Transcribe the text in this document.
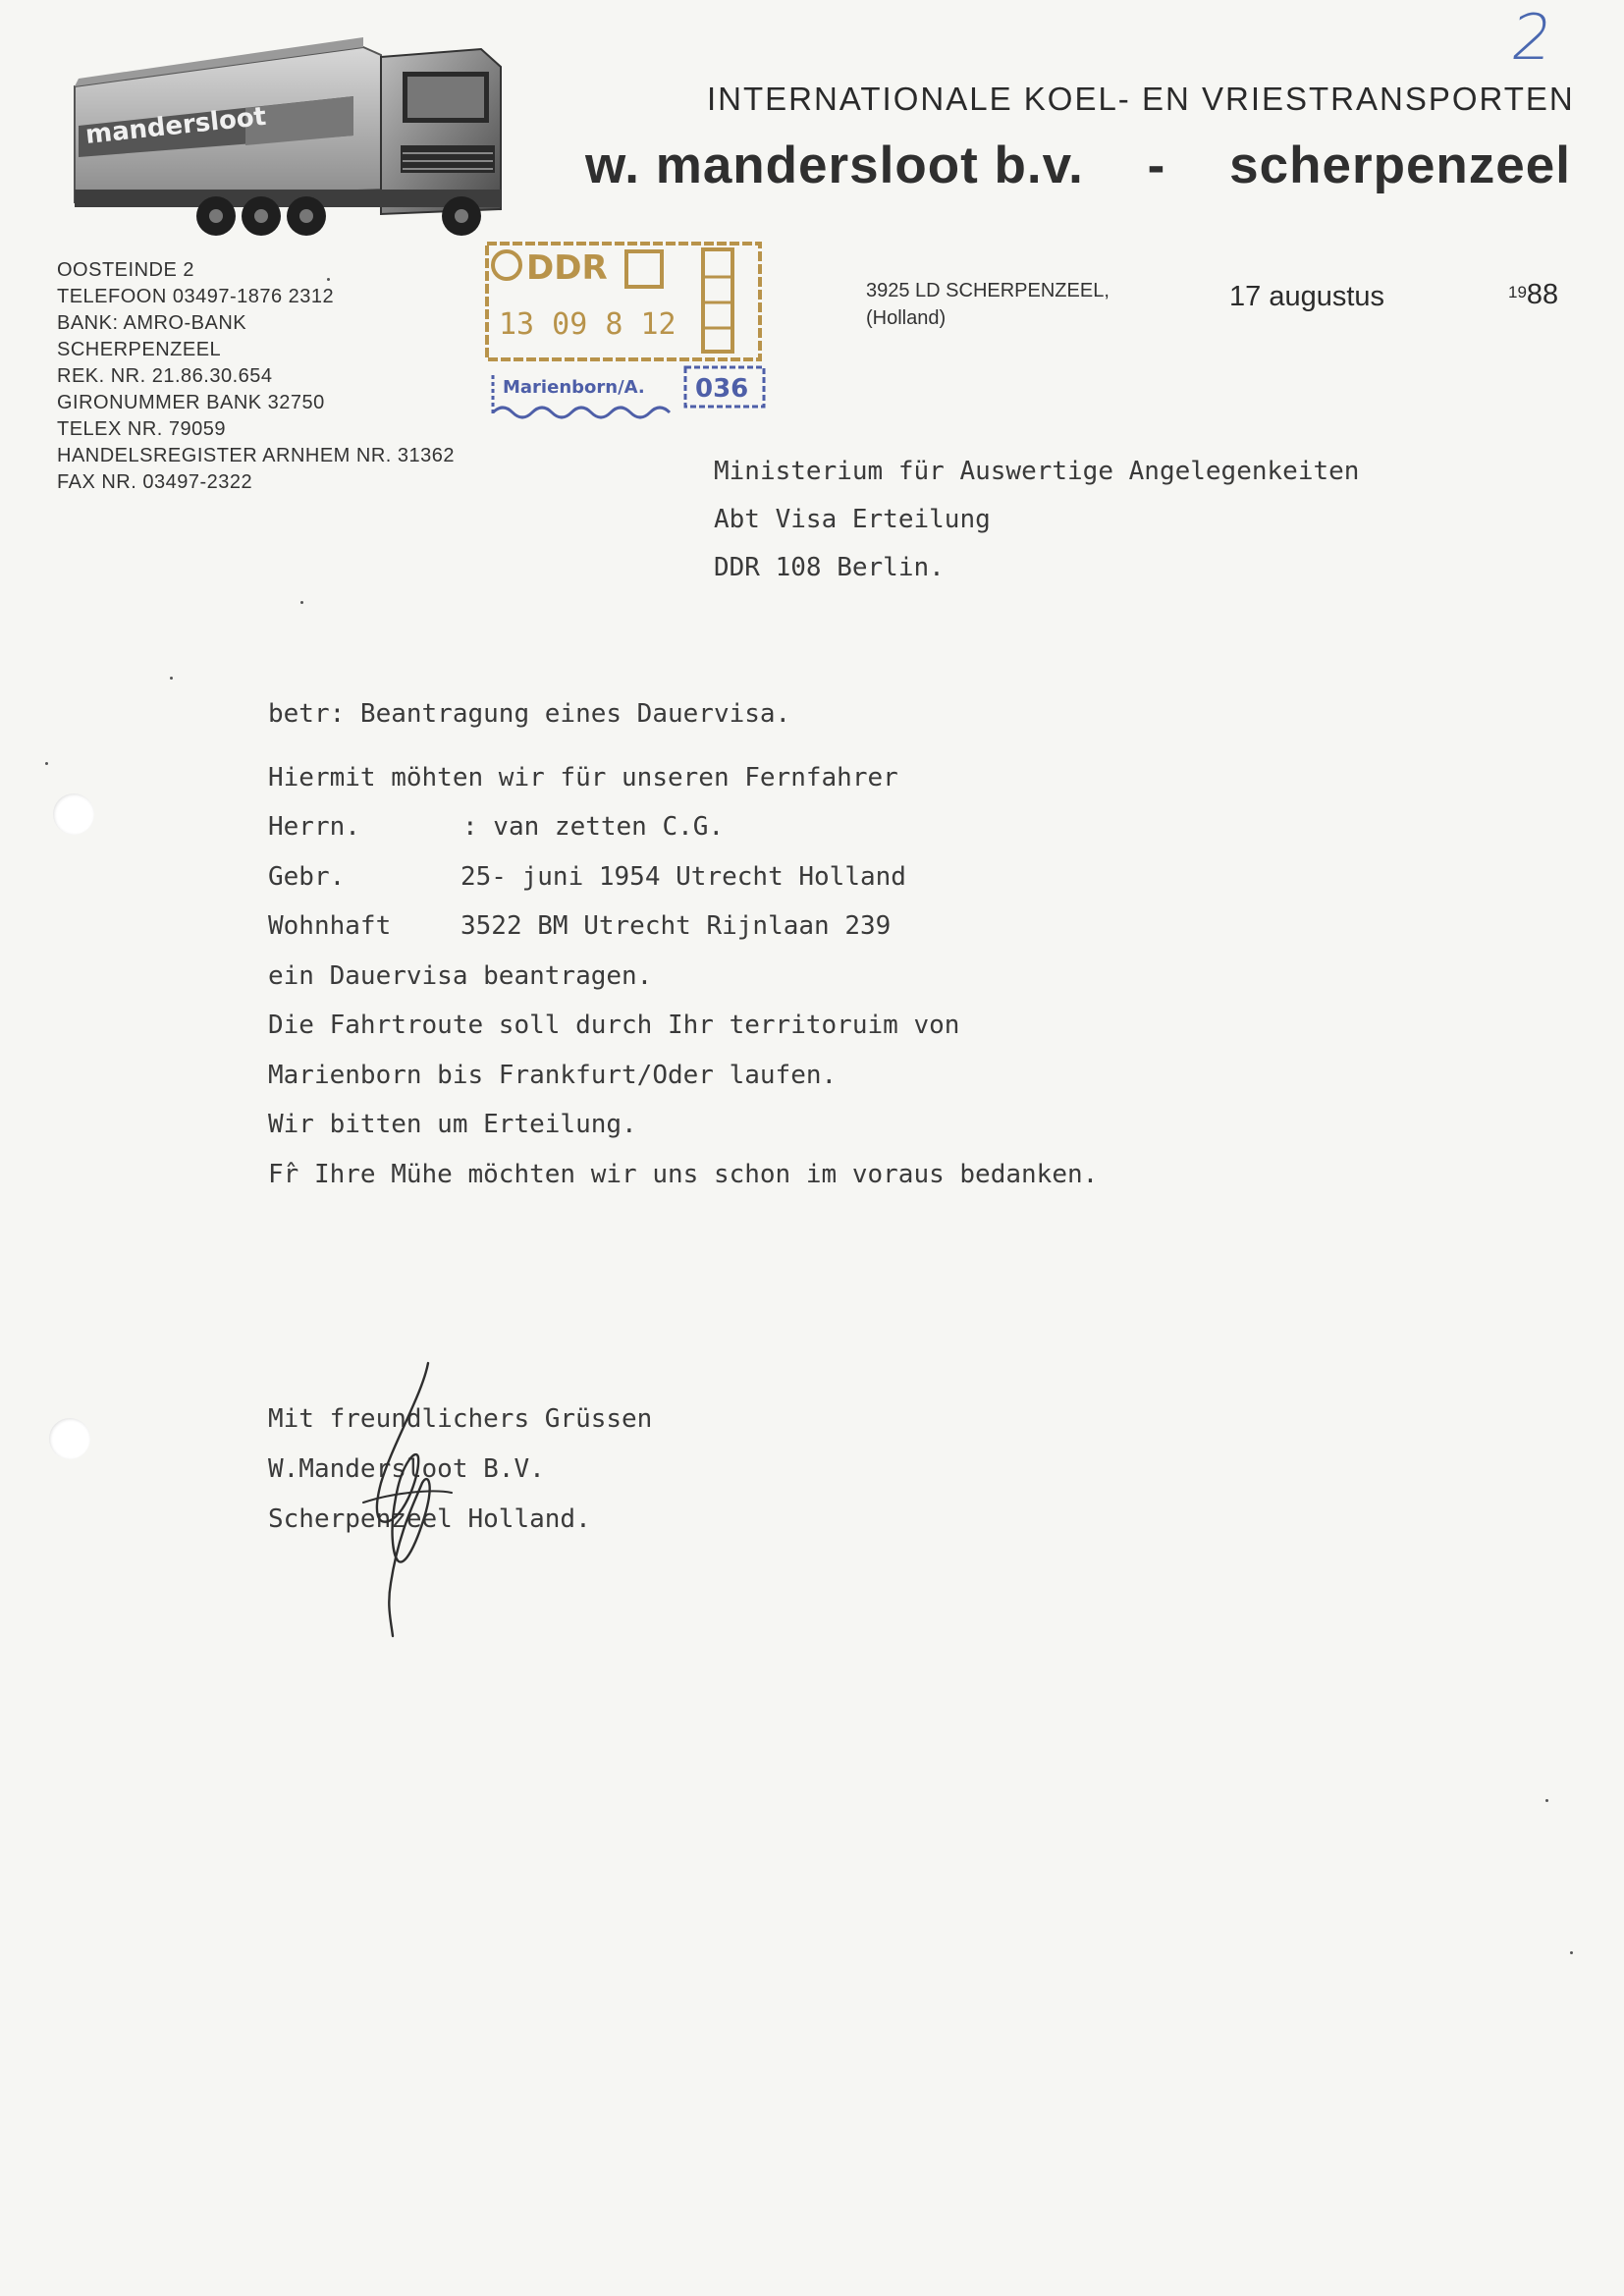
2
mandersloot
INTERNATIONALE KOEL- EN VRIESTRANSPORTEN
w. mandersloot b.v. - scherpenzeel
OOSTEINDE 2
TELEFOON 03497-1876 2312
BANK: AMRO-BANK
SCHERPENZEEL
REK. NR. 21.86.30.654
GIRONUMMER BANK 32750
TELEX NR. 79059
HANDELSREGISTER ARNHEM NR. 31362
FAX NR. 03497-2322
DDR
13 09 8 12
Marienborn/A. 036
3925 LD SCHERPENZEEL,
(Holland)
17 augustus	1988
Ministerium für Auswertige Angelegenkeiten
Abt Visa Erteilung
DDR 108 Berlin.
betr: Beantragung eines Dauervisa.
Hiermit möhten wir für unseren Fernfahrer
Herrn.	: van zetten C.G.
Gebr.	25- juni 1954 Utrecht Holland
Wohnhaft	3522 BM Utrecht Rijnlaan 239
ein Dauervisa beantragen.
Die Fahrtroute soll durch Ihr territoruim von
Marienborn bis Frankfurt/Oder laufen.
Wir bitten um Erteilung.
Fr̂ Ihre Mühe möchten wir uns schon im voraus bedanken.
Mit freundlichers Grüssen
W.Mandersloot B.V.
Scherpenzeel Holland.
